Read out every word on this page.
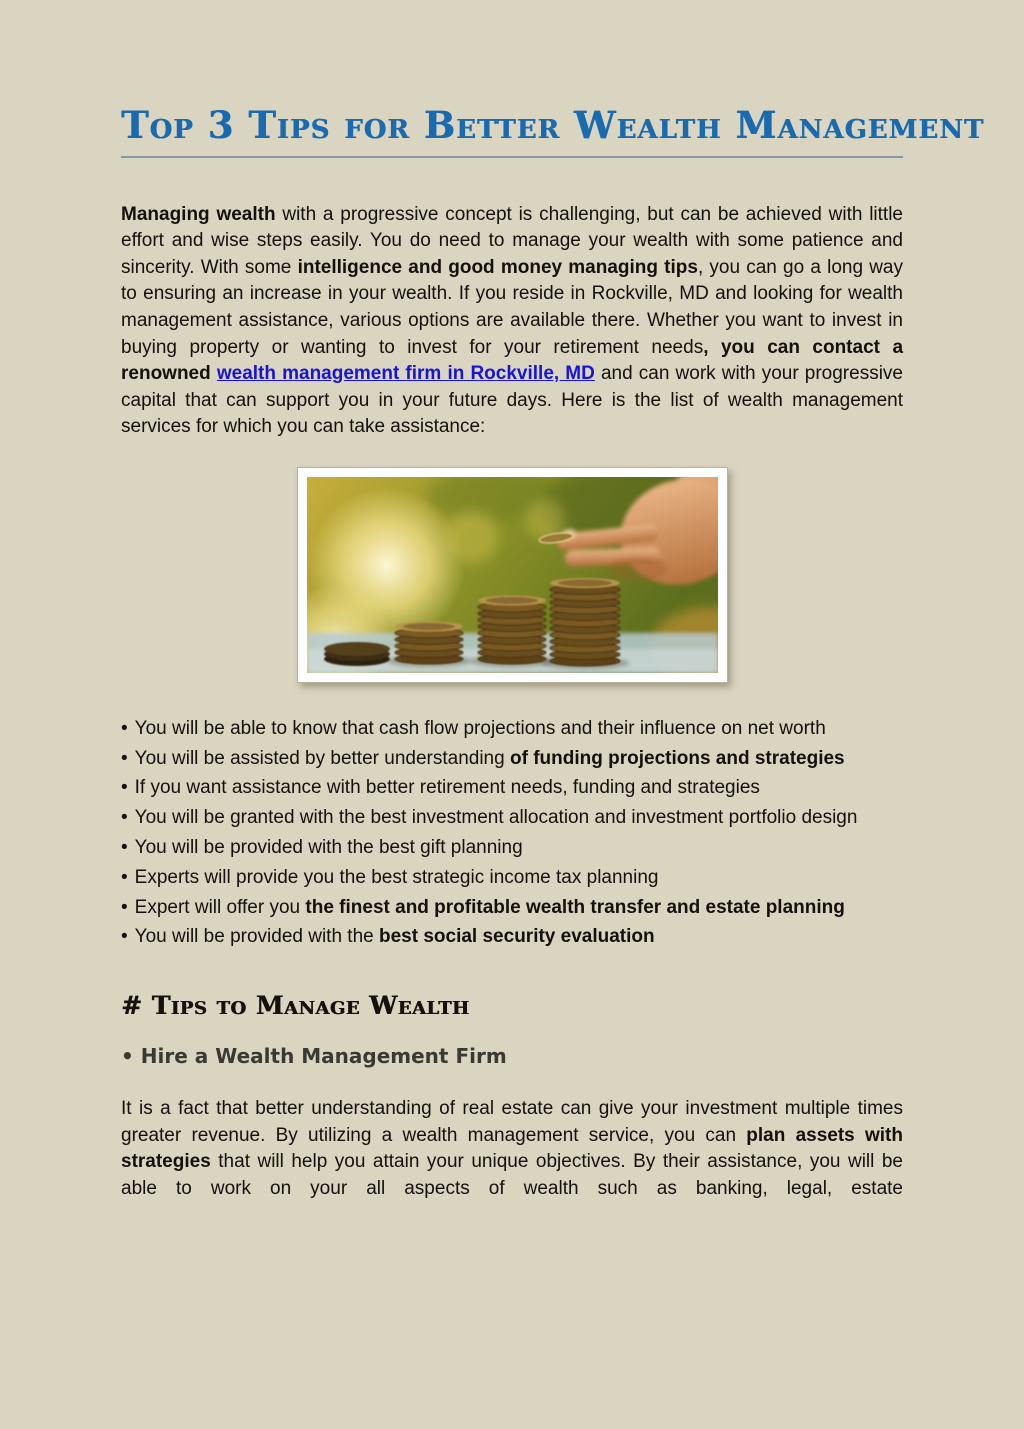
Top 3 Tips for Better Wealth Management

Managing wealth with a progressive concept is challenging, but can be achieved with little effort and wise steps easily. You do need to manage your wealth with some patience and sincerity. With some intelligence and good money managing tips, you can go a long way to ensuring an increase in your wealth. If you reside in Rockville, MD and looking for wealth management assistance, various options are available there. Whether you want to invest in buying property or wanting to invest for your retirement needs, you can contact a renowned wealth management firm in Rockville, MD and can work with your progressive capital that can support you in your future days. Here is the list of wealth management services for which you can take assistance:

• You will be able to know that cash flow projections and their influence on net worth
• You will be assisted by better understanding of funding projections and strategies
• If you want assistance with better retirement needs, funding and strategies
• You will be granted with the best investment allocation and investment portfolio design
• You will be provided with the best gift planning
• Experts will provide you the best strategic income tax planning
• Expert will offer you the finest and profitable wealth transfer and estate planning
• You will be provided with the best social security evaluation
# Tips to Manage Wealth
• Hire a Wealth Management Firm

It is a fact that better understanding of real estate can give your investment multiple times greater revenue. By utilizing a wealth management service, you can plan assets with strategies that will help you attain your unique objectives. By their assistance, you will be able to work on your all aspects of wealth such as banking, legal, estate
